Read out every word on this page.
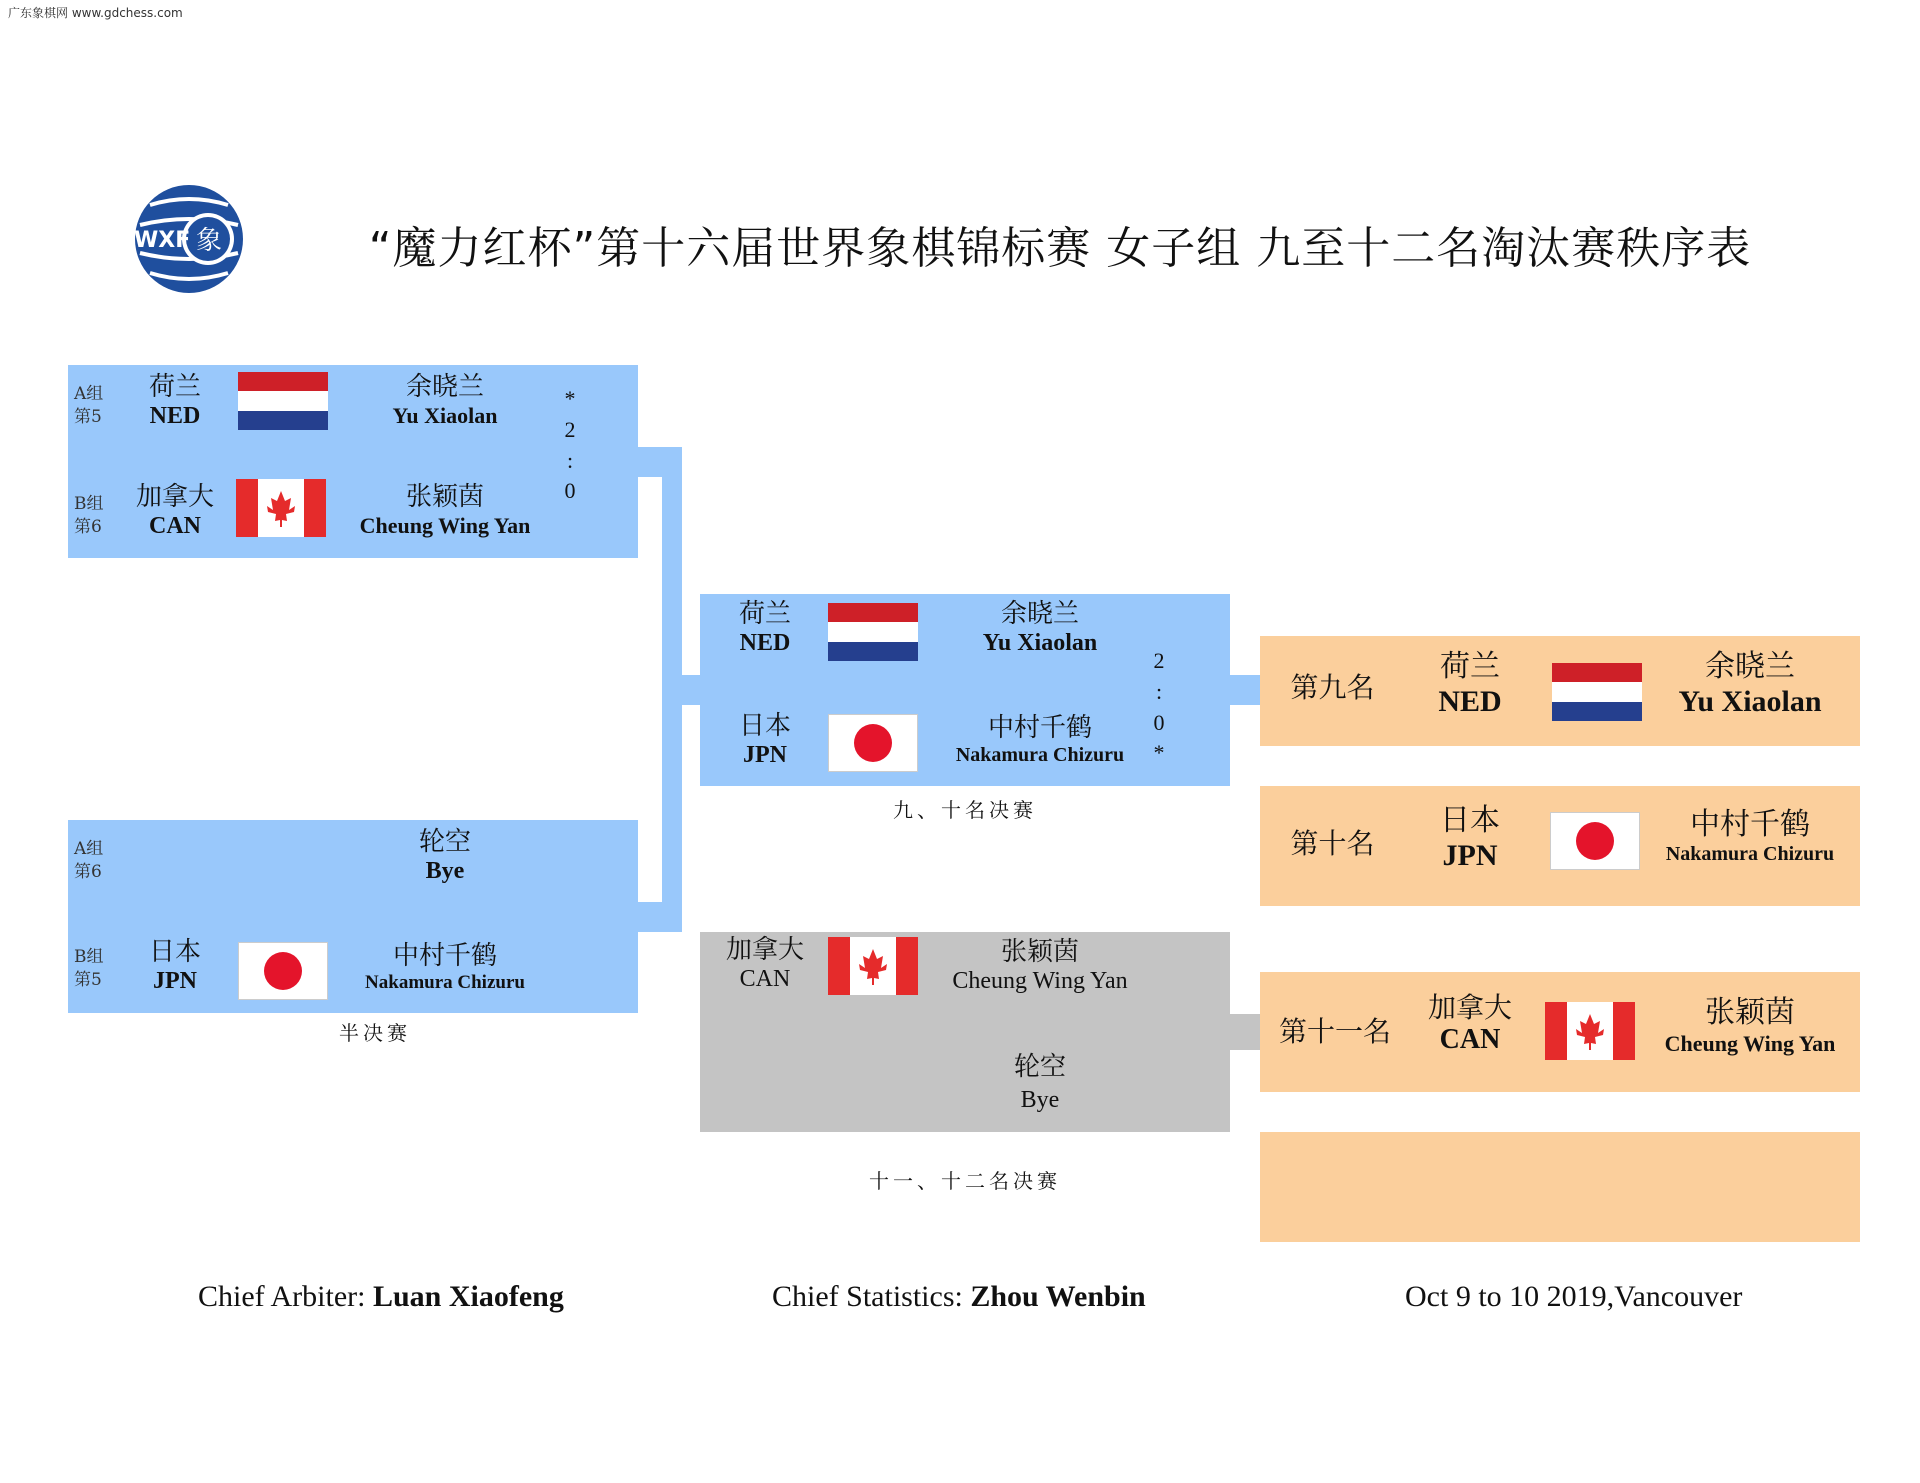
广东象棋网 www.gdchess.com
WXF 象	“魔力红杯”第十六届世界象棋锦标赛 女子组 九至十二名淘汰赛秩序表
A组
第5
荷兰
NED
余晓兰
Yu Xiaolan
*
2
:
0
B组
第6
加拿大
CAN
张颖茵
Cheung Wing Yan
A组
第6
轮空
Bye
B组
第5
日本
JPN
中村千鹤
Nakamura Chizuru
半决赛
荷兰
NED
余晓兰
Yu Xiaolan
2
:
0
*
日本
JPN
中村千鹤
Nakamura Chizuru
九、十名决赛
加拿大
CAN
张颖茵
Cheung Wing Yan
轮空
Bye
十一、十二名决赛
第九名
荷兰
NED
余晓兰
Yu Xiaolan
第十名
日本
JPN
中村千鹤
Nakamura Chizuru
第十一名
加拿大
CAN
张颖茵
Cheung Wing Yan
Chief Arbiter: Luan Xiaofeng	Chief Statistics: Zhou Wenbin	Oct 9 to 10 2019,Vancouver
